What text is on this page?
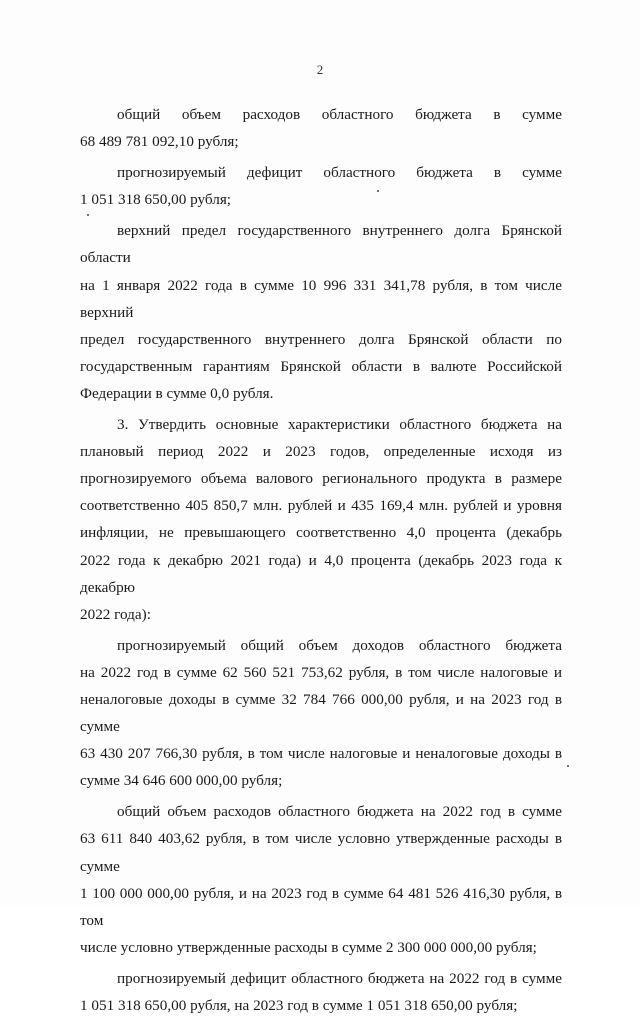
2

общий объем расходов областного бюджета в сумме

68 489 781 092,10 рубля;

прогнозируемый дефицит областного бюджета в сумме

1 051 318 650,00 рубля;

верхний предел государственного внутреннего долга Брянской области

на 1 января 2022 года в сумме 10 996 331 341,78 рубля, в том числе верхний

предел государственного внутреннего долга Брянской области по

государственным гарантиям Брянской области в валюте Российской

Федерации в сумме 0,0 рубля.

3. Утвердить основные характеристики областного бюджета на

плановый период 2022 и 2023 годов, определенные исходя из

прогнозируемого объема валового регионального продукта в размере

соответственно 405 850,7 млн. рублей и 435 169,4 млн. рублей и уровня

инфляции, не превышающего соответственно 4,0 процента (декабрь

2022 года к декабрю 2021 года) и 4,0 процента (декабрь 2023 года к декабрю

2022 года):

прогнозируемый общий объем доходов областного бюджета

на 2022 год в сумме 62 560 521 753,62 рубля, в том числе налоговые и

неналоговые доходы в сумме 32 784 766 000,00 рубля, и на 2023 год в сумме

63 430 207 766,30 рубля, в том числе налоговые и неналоговые доходы в

сумме 34 646 600 000,00 рубля;

общий объем расходов областного бюджета на 2022 год в сумме

63 611 840 403,62 рубля, в том числе условно утвержденные расходы в сумме

1 100 000 000,00 рубля, и на 2023 год в сумме 64 481 526 416,30 рубля, в том

числе условно утвержденные расходы в сумме 2 300 000 000,00 рубля;

прогнозируемый дефицит областного бюджета на 2022 год в сумме

1 051 318 650,00 рубля, на 2023 год в сумме 1 051 318 650,00 рубля;
